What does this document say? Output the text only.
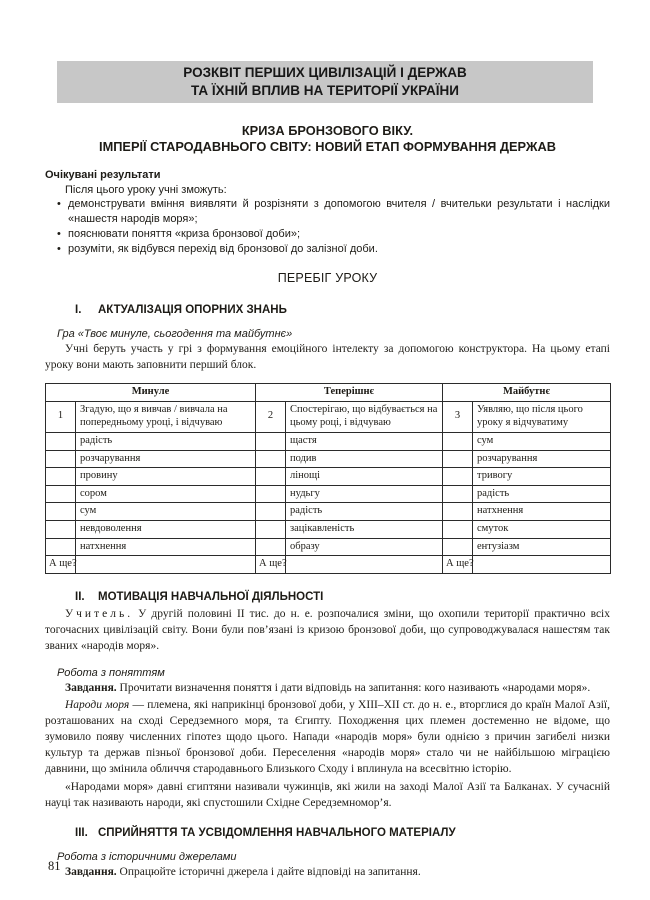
РОЗКВІТ ПЕРШИХ ЦИВІЛІЗАЦІЙ І ДЕРЖАВ
ТА ЇХНІЙ ВПЛИВ НА ТЕРИТОРІЇ УКРАЇНИ
КРИЗА БРОНЗОВОГО ВІКУ.
ІМПЕРІЇ СТАРОДАВНЬОГО СВІТУ: НОВИЙ ЕТАП ФОРМУВАННЯ ДЕРЖАВ
Очікувані результати
Після цього уроку учні зможуть:
• демонструвати вміння виявляти й розрізняти з допомогою вчителя / вчительки результати і наслідки «нашестя народів моря»;
• пояснювати поняття «криза бронзової доби»;
• розуміти, як відбувся перехід від бронзової до залізної доби.
ПЕРЕБІГ УРОКУ
I. АКТУАЛІЗАЦІЯ ОПОРНИХ ЗНАНЬ
Гра «Твоє минуле, сьогодення та майбутнє»

Учні беруть участь у грі з формування емоційного інтелекту за допомогою конструктора. На цьому етапі уроку вони мають заповнити перший блок.

Минуле		Теперішнє		Майбутнє	
1	Згадую, що я вивчав / вивчала на попередньому уроці, і відчуваю	2	Спостерігаю, що відбувається на цьому році, і відчуваю	3	Уявляю, що після цього уроку я відчуватиму
	радість		щастя		сум
	розчарування		подив		розчарування
	провину		лінощі		тривогу
	сором		нудьгу		радість
	сум		радість		натхнення
	невдоволення		зацікавленість		смуток
	натхнення		образу		ентузіазм
А ще?		А ще?		А ще?	
II. МОТИВАЦІЯ НАВЧАЛЬНОЇ ДІЯЛЬНОСТІ

Учитель. У другій половині II тис. до н. е. розпочалися зміни, що охопили території практично всіх тогочасних цивілізацій світу. Вони були пов’язані із кризою бронзової доби, що супроводжувалася нашестям так званих «народів моря».

Робота з поняттям

Завдання. Прочитати визначення поняття і дати відповідь на запитання: кого називають «народами моря».

Народи моря — племена, які наприкінці бронзової доби, у XIII–XII ст. до н. е., вторглися до країн Малої Азії, розташованих на сході Середземного моря, та Єгипту. Походження цих племен достеменно не відоме, що зумовило появу численних гіпотез щодо цього. Напади «народів моря» були однією з причин загибелі низки культур та держав пізньої бронзової доби. Переселення «народів моря» стало чи не найбільшою міграцією давнини, що змінила обличчя стародавнього Близького Сходу і вплинула на всесвітню історію.

«Народами моря» давні єгиптяни називали чужинців, які жили на заході Малої Азії та Балканах. У сучасній науці так називають народи, які спустошили Східне Середземномор’я.

III. СПРИЙНЯТТЯ ТА УСВІДОМЛЕННЯ НАВЧАЛЬНОГО МАТЕРІАЛУ
Робота з історичними джерелами

Завдання. Опрацюйте історичні джерела і дайте відповіді на запитання.

81
